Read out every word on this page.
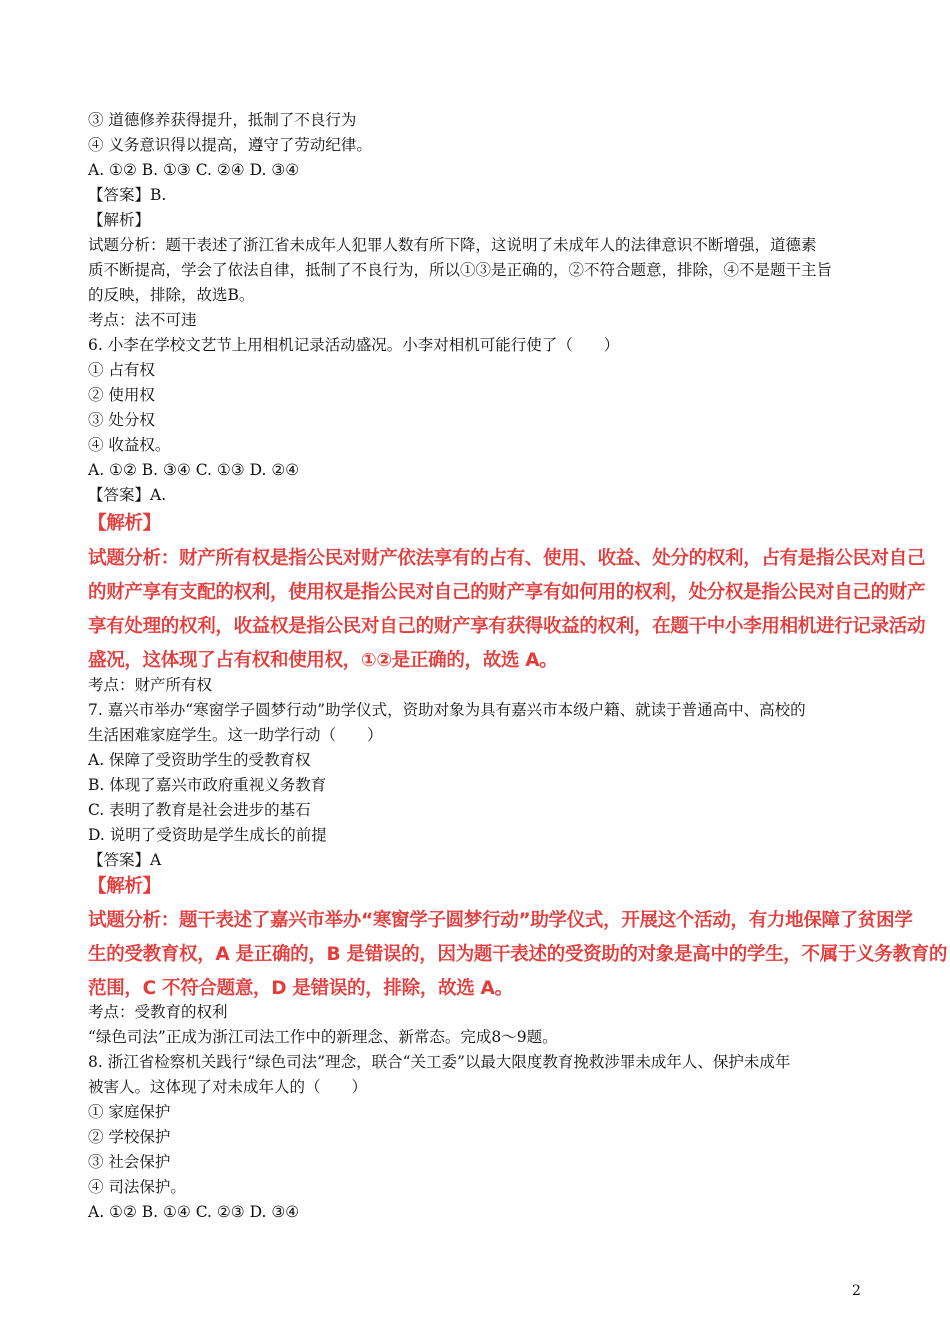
③ 道德修养获得提升，抵制了不良行为
④ 义务意识得以提高，遵守了劳动纪律。
A. ①② B. ①③ C. ②④ D. ③④
【答案】B.
【解析】
试题分析：题干表述了浙江省未成年人犯罪人数有所下降，这说明了未成年人的法律意识不断增强，道德素
质不断提高，学会了依法自律，抵制了不良行为，所以①③是正确的，②不符合题意，排除，④不是题干主旨
的反映，排除，故选B。
考点：法不可违
6. 小李在学校文艺节上用相机记录活动盛况。小李对相机可能行使了（　　）
① 占有权
② 使用权
③ 处分权
④ 收益权。
A. ①② B. ③④ C. ①③ D. ②④
【答案】A.
考点：财产所有权
7. 嘉兴市举办“寒窗学子圆梦行动”助学仪式，资助对象为具有嘉兴市本级户籍、就读于普通高中、高校的
生活困难家庭学生。这一助学行动（　　）
A. 保障了受资助学生的受教育权
B. 体现了嘉兴市政府重视义务教育
C. 表明了教育是社会进步的基石
D. 说明了受资助是学生成长的前提
【答案】A
考点：受教育的权利
“绿色司法”正成为浙江司法工作中的新理念、新常态。完成8～9题。
8. 浙江省检察机关践行“绿色司法”理念，联合“关工委”以最大限度教育挽救涉罪未成年人、保护未成年
被害人。这体现了对未成年人的（　　）
① 家庭保护
② 学校保护
③ 社会保护
④ 司法保护。
A. ①② B. ①④ C. ②③ D. ③④
【解析】
试题分析：财产所有权是指公民对财产依法享有的占有、使用、收益、处分的权利，占有是指公民对自己
的财产享有支配的权利，使用权是指公民对自己的财产享有如何用的权利，处分权是指公民对自己的财产
享有处理的权利，收益权是指公民对自己的财产享有获得收益的权利，在题干中小李用相机进行记录活动
盛况，这体现了占有权和使用权，①②是正确的，故选 A。
【解析】
试题分析：题干表述了嘉兴市举办“寒窗学子圆梦行动”助学仪式，开展这个活动，有力地保障了贫困学
生的受教育权，A 是正确的，B 是错误的，因为题干表述的受资助的对象是高中的学生，不属于义务教育的
范围，C 不符合题意，D 是错误的，排除，故选 A。
2
